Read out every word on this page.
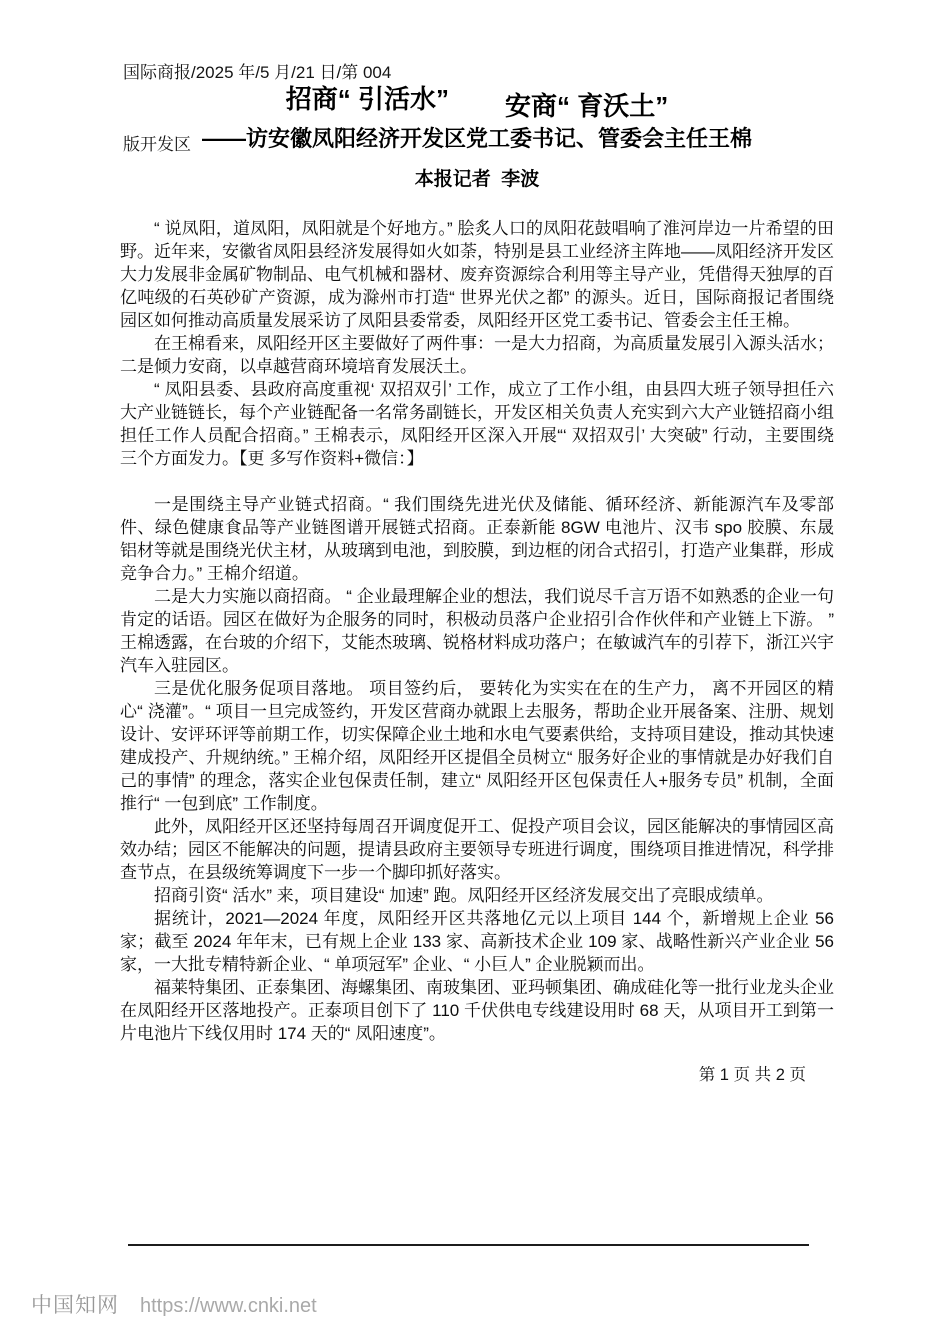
国际商报/2025 年/5 月/21 日/第 004

版开发区

招商“ 引活水” 安商“ 育沃土”
——访安徽凤阳经济开发区党工委书记、管委会主任王棉
本报记者  李波

“ 说凤阳，道凤阳，凤阳就是个好地方。” 脍炙人口的凤阳花鼓唱响了淮河岸边一片希望的田野。近年来，安徽省凤阳县经济发展得如火如荼，特别是县工业经济主阵地——凤阳经济开发区大力发展非金属矿物制品、电气机械和器材、废弃资源综合利用等主导产业，凭借得天独厚的百亿吨级的石英砂矿产资源，成为滁州市打造“ 世界光伏之都” 的源头。近日，国际商报记者围绕园区如何推动高质量发展采访了凤阳县委常委，凤阳经开区党工委书记、管委会主任王棉。

在王棉看来，凤阳经开区主要做好了两件事：一是大力招商，为高质量发展引入源头活水；二是倾力安商，以卓越营商环境培育发展沃土。

“ 凤阳县委、县政府高度重视‘ 双招双引’ 工作，成立了工作小组，由县四大班子领导担任六大产业链链长，每个产业链配备一名常务副链长，开发区相关负责人充实到六大产业链招商小组担任工作人员配合招商。” 王棉表示，凤阳经开区深入开展“‘ 双招双引’ 大突破” 行动，主要围绕三个方面发力。【更 多写作资料+微信：】

一是围绕主导产业链式招商。“ 我们围绕先进光伏及储能、循环经济、新能源汽车及零部件、绿色健康食品等产业链图谱开展链式招商。正泰新能 8GW 电池片、汉韦 spo 胶膜、东晟铝材等就是围绕光伏主材，从玻璃到电池，到胶膜，到边框的闭合式招引，打造产业集群，形成竞争合力。” 王棉介绍道。

二是大力实施以商招商。 “ 企业最理解企业的想法，我们说尽千言万语不如熟悉的企业一句肯定的话语。园区在做好为企服务的同时，积极动员落户企业招引合作伙伴和产业链上下游。 ” 王棉透露，在台玻的介绍下，艾能杰玻璃、锐格材料成功落户；在敏诚汽车的引荐下，浙江兴宇汽车入驻园区。

三是优化服务促项目落地。 项目签约后， 要转化为实实在在的生产力， 离不开园区的精心“ 浇灌”。“ 项目一旦完成签约，开发区营商办就跟上去服务，帮助企业开展备案、注册、规划设计、安评环评等前期工作，切实保障企业土地和水电气要素供给，支持项目建设，推动其快速建成投产、升规纳统。” 王棉介绍，凤阳经开区提倡全员树立“ 服务好企业的事情就是办好我们自己的事情” 的理念，落实企业包保责任制，建立“ 凤阳经开区包保责任人+服务专员” 机制，全面推行“ 一包到底” 工作制度。

此外，凤阳经开区还坚持每周召开调度促开工、促投产项目会议，园区能解决的事情园区高效办结；园区不能解决的问题，提请县政府主要领导专班进行调度，围绕项目推进情况，科学排查节点，在县级统筹调度下一步一个脚印抓好落实。

招商引资“ 活水” 来，项目建设“ 加速” 跑。凤阳经开区经济发展交出了亮眼成绩单。

据统计，2021—2024 年度，凤阳经开区共落地亿元以上项目 144 个，新增规上企业 56 家；截至 2024 年年末，已有规上企业 133 家、高新技术企业 109 家、战略性新兴产业企业 56 家，一大批专精特新企业、“ 单项冠军” 企业、“ 小巨人” 企业脱颖而出。

福莱特集团、正泰集团、海螺集团、南玻集团、亚玛顿集团、确成硅化等一批行业龙头企业在凤阳经开区落地投产。正泰项目创下了 110 千伏供电专线建设用时 68 天，从项目开工到第一片电池片下线仅用时 174 天的“ 凤阳速度”。

第 1 页 共 2 页
中国知网 https://www.cnki.net
